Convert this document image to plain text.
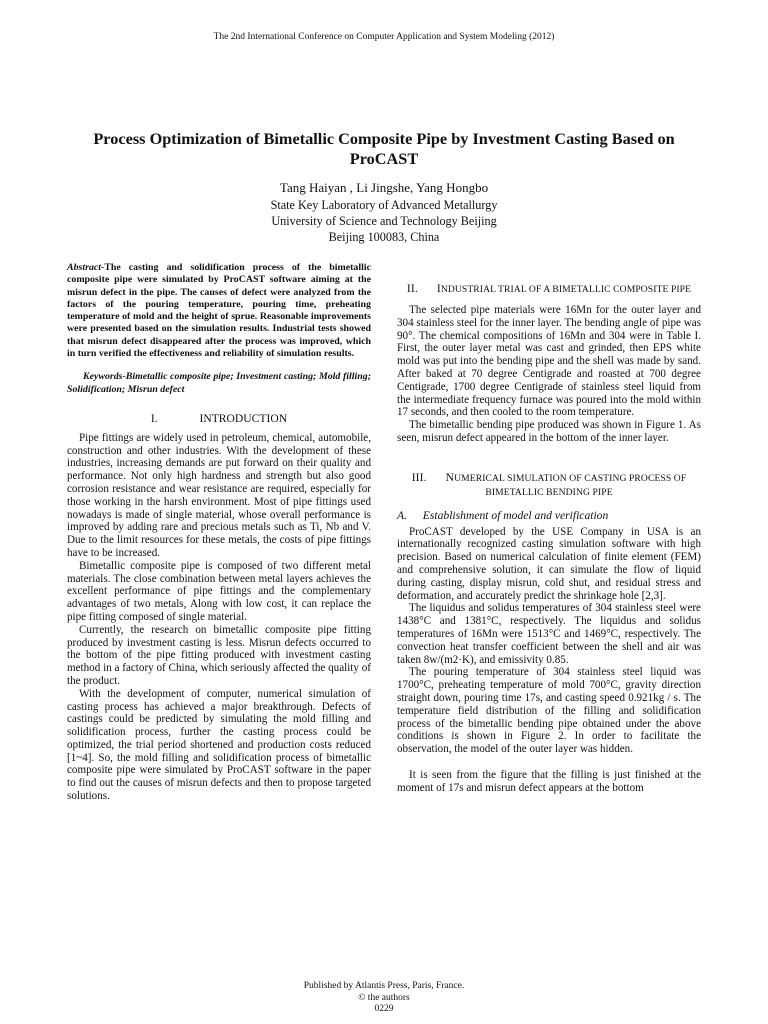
The 2nd International Conference on Computer Application and System Modeling (2012)
Process Optimization of Bimetallic Composite Pipe by Investment Casting Based on
ProCAST
Tang Haiyan , Li Jingshe, Yang Hongbo
State Key Laboratory of Advanced Metallurgy
University of Science and Technology Beijing
Beijing 100083, China
Abstract-The casting and solidification process of the bimetallic composite pipe were simulated by ProCAST software aiming at the misrun defect in the pipe. The causes of defect were analyzed from the factors of the pouring temperature, pouring time, preheating temperature of mold and the height of sprue. Reasonable improvements were presented based on the simulation results. Industrial tests showed that misrun defect disappeared after the process was improved, which in turn verified the effectiveness and reliability of simulation results.
Keywords-Bimetallic composite pipe; Investment casting; Mold filling; Solidification; Misrun defect
I.	INTRODUCTION

Pipe fittings are widely used in petroleum, chemical, automobile, construction and other industries. With the development of these industries, increasing demands are put forward on their quality and performance. Not only high hardness and strength but also good corrosion resistance and wear resistance are required, especially for those working in the harsh environment. Most of pipe fittings used nowadays is made of single material, whose overall performance is improved by adding rare and precious metals such as Ti, Nb and V. Due to the limit resources for these metals, the costs of pipe fittings have to be increased.

Bimetallic composite pipe is composed of two different metal materials. The close combination between metal layers achieves the excellent performance of pipe fittings and the complementary advantages of two metals, Along with low cost, it can replace the pipe fitting composed of single material.

Currently, the research on bimetallic composite pipe fitting produced by investment casting is less. Misrun defects occurred to the bottom of the pipe fitting produced with investment casting method in a factory of China, which seriously affected the quality of the product.

With the development of computer, numerical simulation of casting process has achieved a major breakthrough. Defects of castings could be predicted by simulating the mold filling and solidification process, further the casting process could be optimized, the trial period shortened and production costs reduced [1~4]. So, the mold filling and solidification process of bimetallic composite pipe were simulated by ProCAST software in the paper to find out the causes of misrun defects and then to propose targeted solutions.

II. INDUSTRIAL TRIAL OF A BIMETALLIC COMPOSITE PIPE

The selected pipe materials were 16Mn for the outer layer and 304 stainless steel for the inner layer. The bending angle of pipe was 90°. The chemical compositions of 16Mn and 304 were in Table I. First, the outer layer metal was cast and grinded, then EPS white mold was put into the bending pipe and the shell was made by sand. After baked at 70 degree Centigrade and roasted at 700 degree Centigrade, 1700 degree Centigrade of stainless steel liquid from the intermediate frequency furnace was poured into the mold within 17 seconds, and then cooled to the room temperature.

The bimetallic bending pipe produced was shown in Figure 1. As seen, misrun defect appeared in the bottom of the inner layer.

III. NUMERICAL SIMULATION OF CASTING PROCESS OF
BIMETALLIC BENDING PIPE
A. Establishment of model and verification

ProCAST developed by the USE Company in USA is an internationally recognized casting simulation software with high precision. Based on numerical calculation of finite element (FEM) and comprehensive solution, it can simulate the flow of liquid during casting, display misrun, cold shut, and residual stress and deformation, and accurately predict the shrinkage hole [2,3].

The liquidus and solidus temperatures of 304 stainless steel were 1438°C and 1381°C, respectively. The liquidus and solidus temperatures of 16Mn were 1513°C and 1469°C, respectively. The convection heat transfer coefficient between the shell and air was taken 8w/(m2·K), and emissivity 0.85.

The pouring temperature of 304 stainless steel liquid was 1700°C, preheating temperature of mold 700°C, gravity direction straight down, pouring time 17s, and casting speed 0.921kg / s. The temperature field distribution of the filling and solidification process of the bimetallic bending pipe obtained under the above conditions is shown in Figure 2. In order to facilitate the observation, the model of the outer layer was hidden.

It is seen from the figure that the filling is just finished at the moment of 17s and misrun defect appears at the bottom

Published by Atlantis Press, Paris, France.
© the authors
0229
